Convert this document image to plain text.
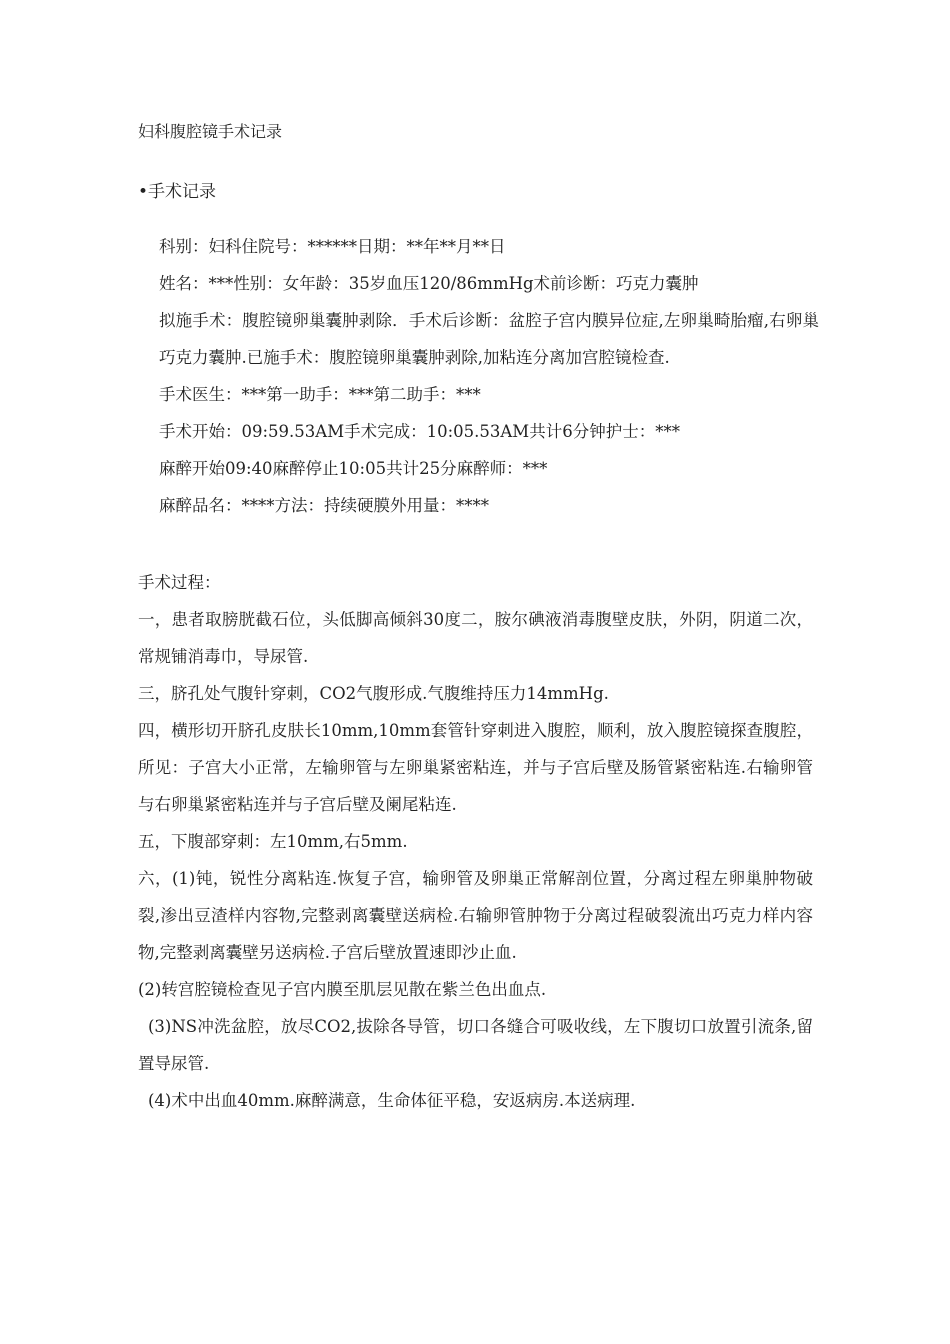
妇科腹腔镜手术记录
•手术记录

科别：妇科住院号：******日期：**年**月**日

姓名：***性别：女年龄：35岁血压120/86mmHg术前诊断：巧克力囊肿

拟施手术：腹腔镜卵巢囊肿剥除．手术后诊断：盆腔子宫内膜异位症,左卵巢畸胎瘤,右卵巢巧克力囊肿.已施手术：腹腔镜卵巢囊肿剥除,加粘连分离加宫腔镜检查.

手术医生：***第一助手：***第二助手：***

手术开始：09:59.53AM手术完成：10:05.53AM共计6分钟护士：***

麻醉开始09:40麻醉停止10:05共计25分麻醉师：***

麻醉品名：****方法：持续硬膜外用量：****

手术过程：

一，患者取膀胱截石位，头低脚高倾斜30度二，胺尔碘液消毒腹壁皮肤，外阴，阴道二次，常规铺消毒巾，导尿管.

三，脐孔处气腹针穿刺，CO2气腹形成.气腹维持压力14mmHg.

四，横形切开脐孔皮肤长10mm,10mm套管针穿刺进入腹腔，顺利，放入腹腔镜探查腹腔，所见：子宫大小正常，左输卵管与左卵巢紧密粘连，并与子宫后壁及肠管紧密粘连.右输卵管与右卵巢紧密粘连并与子宫后壁及阑尾粘连.

五，下腹部穿刺：左10mm,右5mm.

六，(1)钝，锐性分离粘连.恢复子宫，输卵管及卵巢正常解剖位置，分离过程左卵巢肿物破裂,渗出豆渣样内容物,完整剥离囊壁送病检.右输卵管肿物于分离过程破裂流出巧克力样内容物,完整剥离囊壁另送病检.子宫后壁放置速即沙止血.

(2)转宫腔镜检查见子宫内膜至肌层见散在紫兰色出血点.

(3)NS冲洗盆腔，放尽CO2,拔除各导管，切口各缝合可吸收线，左下腹切口放置引流条,留置导尿管.

(4)术中出血40mm.麻醉满意，生命体征平稳，安返病房.本送病理.
